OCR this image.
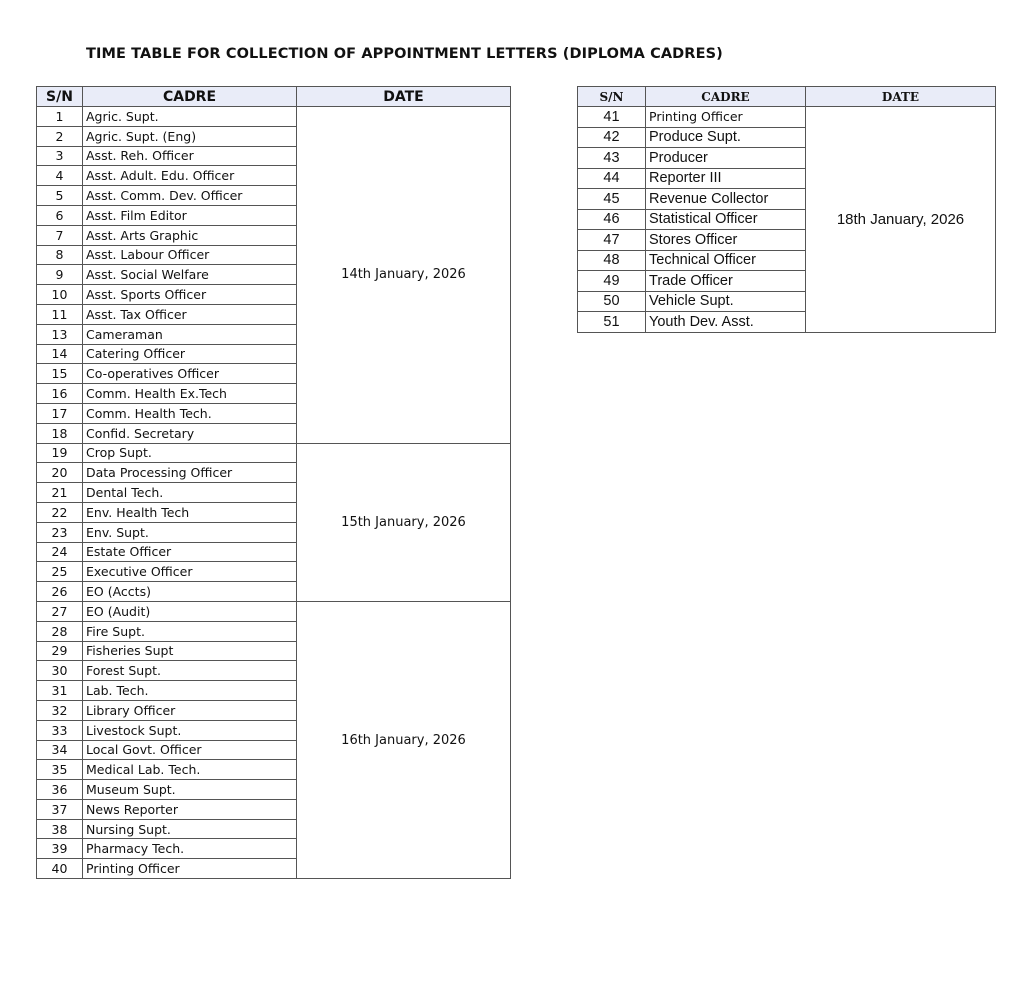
TIME TABLE FOR COLLECTION OF APPOINTMENT LETTERS (DIPLOMA CADRES)
S/N	CADRE	DATE
1	Agric. Supt.	14th January, 2026
2	Agric. Supt. (Eng)	
3	Asst. Reh. Officer	
4	Asst. Adult. Edu. Officer	
5	Asst. Comm. Dev. Officer	
6	Asst. Film Editor	
7	Asst. Arts Graphic	
8	Asst. Labour Officer	
9	Asst. Social Welfare	
10	Asst. Sports Officer	
11	Asst. Tax Officer	
13	Cameraman	
14	Catering Officer	
15	Co-operatives Officer	
16	Comm. Health Ex.Tech	
17	Comm. Health Tech.	
18	Confid. Secretary	
19	Crop Supt.	15th January, 2026
20	Data Processing Officer	
21	Dental Tech.	
22	Env. Health Tech	
23	Env. Supt.	
24	Estate Officer	
25	Executive Officer	
26	EO (Accts)	
27	EO (Audit)	16th January, 2026
28	Fire Supt.	
29	Fisheries Supt	
30	Forest Supt.	
31	Lab. Tech.	
32	Library Officer	
33	Livestock Supt.	
34	Local Govt. Officer	
35	Medical Lab. Tech.	
36	Museum Supt.	
37	News Reporter	
38	Nursing Supt.	
39	Pharmacy Tech.	
40	Printing Officer	
S/N	CADRE	DATE
41	Printing Officer	18th January, 2026
42	Produce Supt.	
43	Producer	
44	Reporter III	
45	Revenue Collector	
46	Statistical Officer	
47	Stores Officer	
48	Technical Officer	
49	Trade Officer	
50	Vehicle Supt.	
51	Youth Dev. Asst.	
